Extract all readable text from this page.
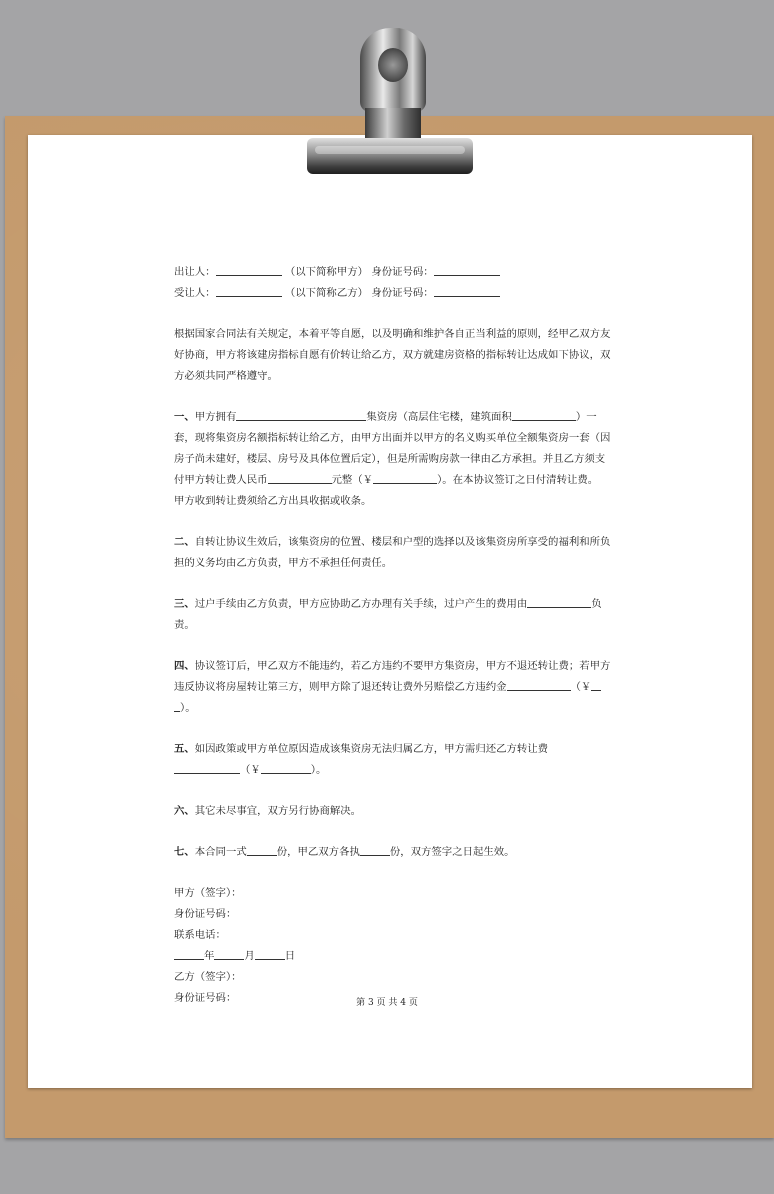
出让人：	（以下简称甲方） 身份证号码：
受让人：	（以下简称乙方） 身份证号码：
根据国家合同法有关规定，本着平等自愿，以及明确和维护各自正当利益的原则，经甲乙双方友
好协商，甲方将该建房指标自愿有价转让给乙方，双方就建房资格的指标转让达成如下协议，双
方必须共同严格遵守。
一、甲方拥有	集资房（高层住宅楼，建筑面积	）一
套，现将集资房名额指标转让给乙方，由甲方出面并以甲方的名义购买单位全额集资房一套（因
房子尚未建好，楼层、房号及具体位置后定），但是所需购房款一律由乙方承担。并且乙方须支
付甲方转让费人民币	元整（￥	）。在本协议签订之日付清转让费。
甲方收到转让费须给乙方出具收据或收条。
二、自转让协议生效后，该集资房的位置、楼层和户型的选择以及该集资房所享受的福利和所负
担的义务均由乙方负责，甲方不承担任何责任。
三、过户手续由乙方负责，甲方应协助乙方办理有关手续，过户产生的费用由	负
责。
四、协议签订后，甲乙双方不能违约，若乙方违约不要甲方集资房，甲方不退还转让费；若甲方
违反协议将房屋转让第三方，则甲方除了退还转让费外另赔偿乙方违约金	（￥
）。
五、如因政策或甲方单位原因造成该集资房无法归属乙方，甲方需归还乙方转让费
（￥	）。
六、其它未尽事宜，双方另行协商解决。
七、本合同一式	份，甲乙双方各执	份，双方签字之日起生效。
甲方（签字）：
身份证号码：
联系电话：
年	月	日
乙方（签字）：
身份证号码：	第 3 页 共 4 页
